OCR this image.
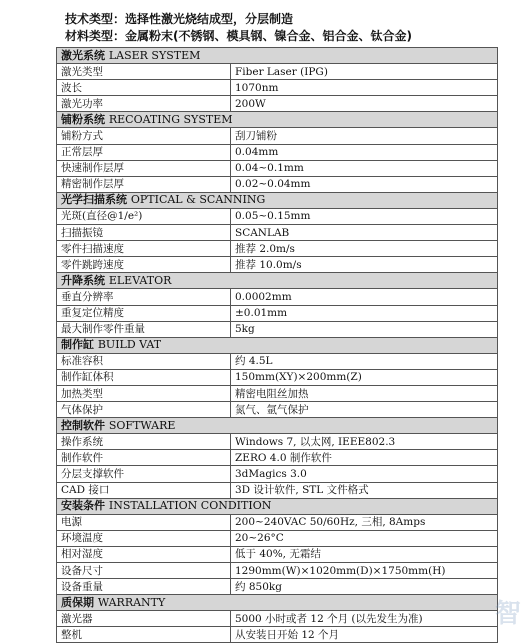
技术类型：选择性激光烧结成型，分层制造
材料类型：金属粉末(不锈钢、模具钢、镍合金、铝合金、钛合金)
激光系统 LASER SYSTEM	
激光类型	Fiber Laser (IPG)
波长	1070nm
激光功率	200W
铺粉系统 RECOATING SYSTEM	
铺粉方式	刮刀铺粉
正常层厚	0.04mm
快速制作层厚	0.04~0.1mm
精密制作层厚	0.02~0.04mm
光学扫描系统 OPTICAL & SCANNING	
光斑(直径@1/e²)	0.05~0.15mm
扫描振镜	SCANLAB
零件扫描速度	推荐 2.0m/s
零件跳跨速度	推荐 10.0m/s
升降系统 ELEVATOR	
垂直分辨率	0.0002mm
重复定位精度	±0.01mm
最大制作零件重量	5kg
制作缸 BUILD VAT	
标准容积	约 4.5L
制作缸体积	150mm(XY)×200mm(Z)
加热类型	精密电阻丝加热
气体保护	氮气、氩气保护
控制软件 SOFTWARE	
操作系统	Windows 7, 以太网, IEEE802.3
制作软件	ZERO 4.0 制作软件
分层支撑软件	3dMagics 3.0
CAD 接口	3D 设计软件, STL 文件格式
安装条件 INSTALLATION CONDITION	
电源	200~240VAC 50/60Hz, 三相, 8Amps
环境温度	20~26°C
相对湿度	低于 40%, 无霜结
设备尺寸	1290mm(W)×1020mm(D)×1750mm(H)
设备重量	约 850kg
质保期 WARRANTY	
激光器	5000 小时或者 12 个月 (以先发生为准)
整机	从安装日开始 12 个月
智
